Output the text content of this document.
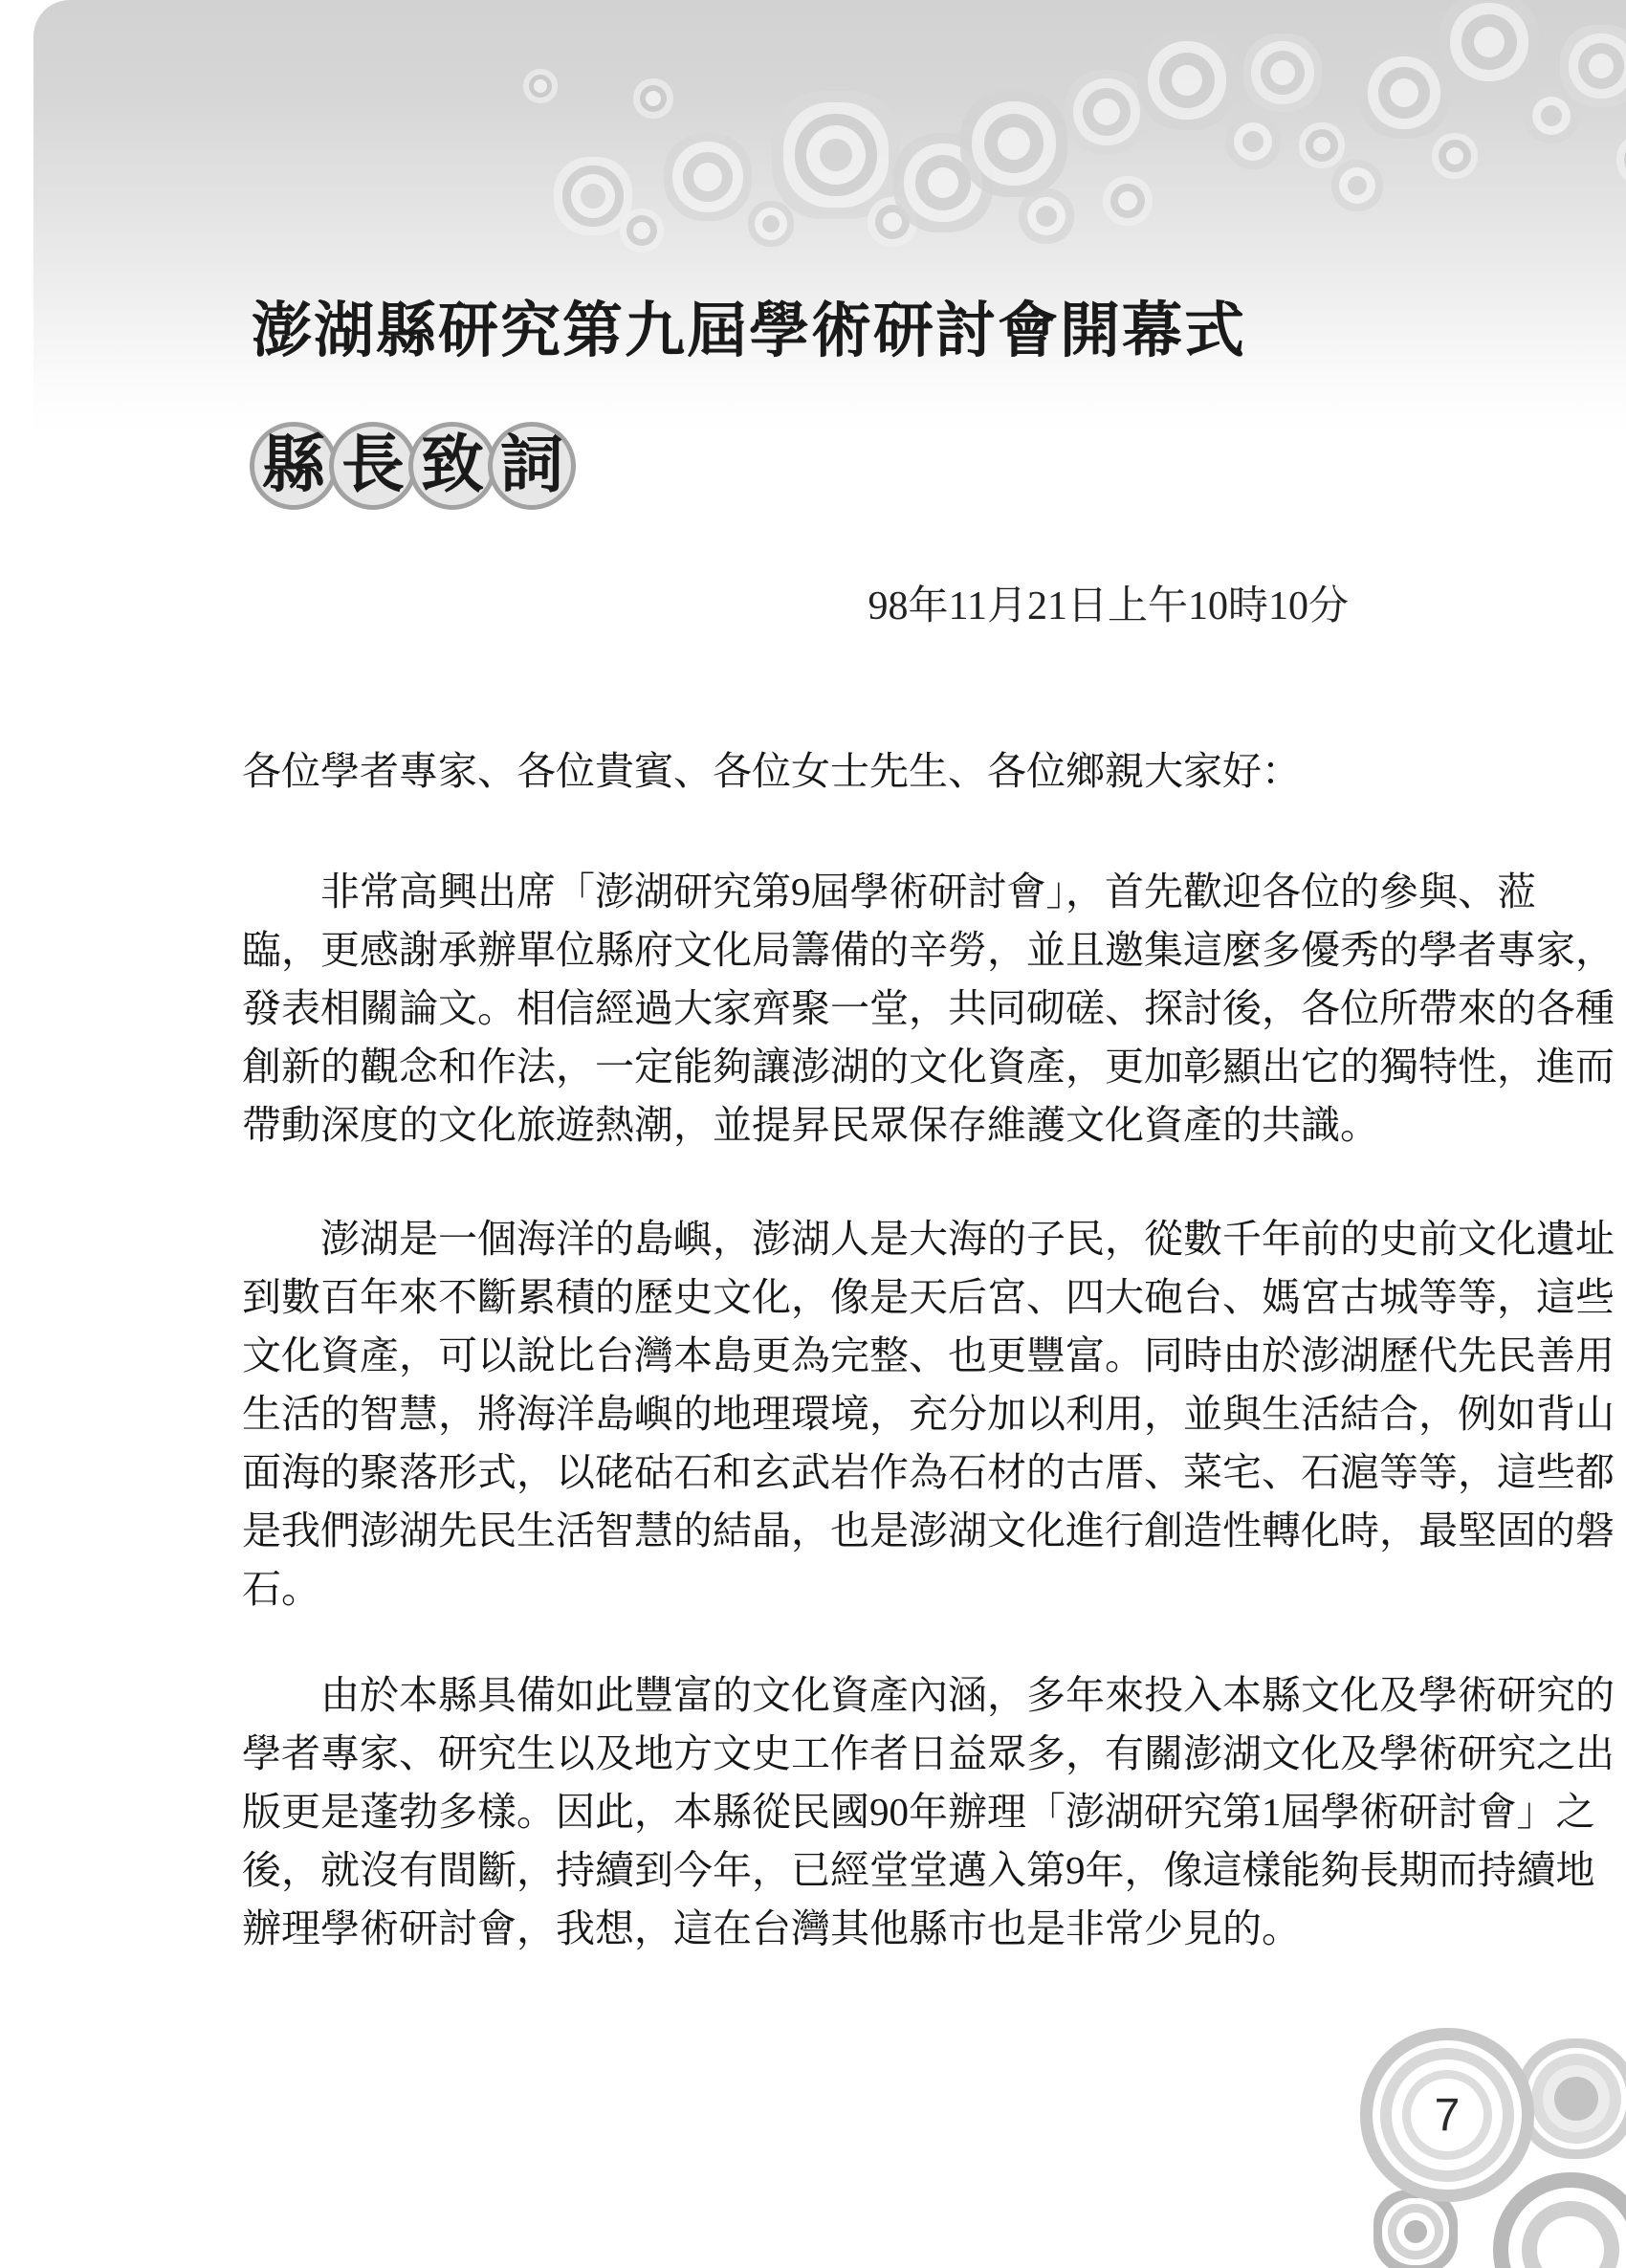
澎湖縣研究第九屆學術研討會開幕式
縣 長 致 詞
98年11月21日上午10時10分
各位學者專家、各位貴賓、各位女士先生、各位鄉親大家好：
非常高興出席「澎湖研究第9屆學術研討會」，首先歡迎各位的參與、蒞
臨，更感謝承辦單位縣府文化局籌備的辛勞，並且邀集這麼多優秀的學者專家，
發表相關論文。相信經過大家齊聚一堂，共同砌磋、探討後，各位所帶來的各種
創新的觀念和作法，一定能夠讓澎湖的文化資產，更加彰顯出它的獨特性，進而
帶動深度的文化旅遊熱潮，並提昇民眾保存維護文化資產的共識。
澎湖是一個海洋的島嶼，澎湖人是大海的子民，從數千年前的史前文化遺址
到數百年來不斷累積的歷史文化，像是天后宮、四大砲台、媽宮古城等等，這些
文化資產，可以說比台灣本島更為完整、也更豐富。同時由於澎湖歷代先民善用
生活的智慧，將海洋島嶼的地理環境，充分加以利用，並與生活結合，例如背山
面海的聚落形式，以硓𥑮石和玄武岩作為石材的古厝、菜宅、石滬等等，這些都
是我們澎湖先民生活智慧的結晶，也是澎湖文化進行創造性轉化時，最堅固的磐
石。
由於本縣具備如此豐富的文化資產內涵，多年來投入本縣文化及學術研究的
學者專家、研究生以及地方文史工作者日益眾多，有關澎湖文化及學術研究之出
版更是蓬勃多樣。因此，本縣從民國90年辦理「澎湖研究第1屆學術研討會」之
後，就沒有間斷，持續到今年，已經堂堂邁入第9年，像這樣能夠長期而持續地
辦理學術研討會，我想，這在台灣其他縣市也是非常少見的。
7
